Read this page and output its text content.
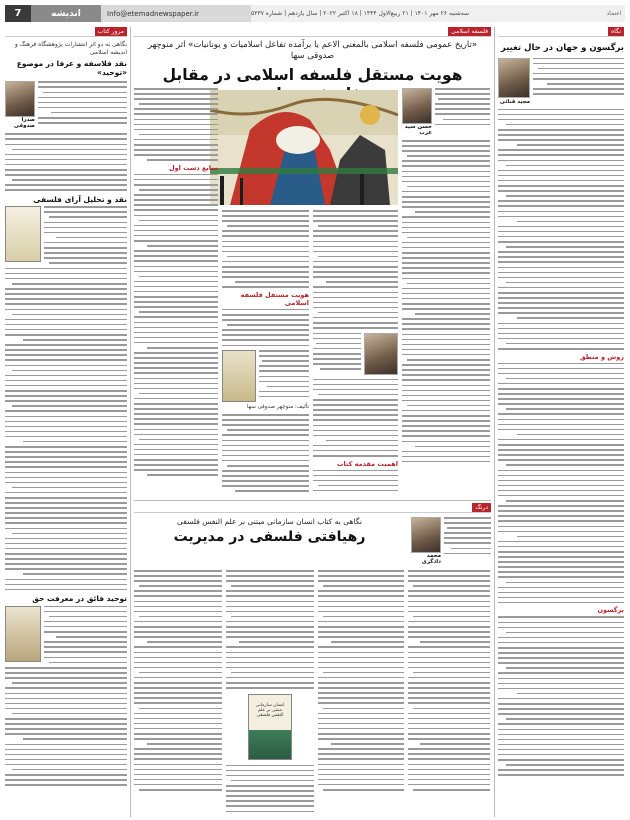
7	اندیشه	Info@etemadnewspaper.ir	سه‌شنبه ۲۶ مهر ۱۴۰۱ | ۲۱ ربیع‌الاول ۱۴۴۴ | ۱۸ اکتبر ۲۰۲۲ | سال یازدهم | شماره ۵۳۳۷	اعتماد
نگاه
برگسون و جهان در حال تغییر
مجید قنائی
روش و منطق
برگسون
فلسفه اسلامی
«تاریخ عمومی فلسفه اسلامی بالمعنی الاعم یا برآمده تفاعل اسلامیات و یونانیات» اثر منوچهر صدوقی سها
هویت مستقل فلسفه اسلامی در مقابل
حسن سید عرب
اهمیت مقدمه کتاب
هویت مستقل فلسفه اسلامی
تألیف: منوچهر صدوقی سها
منابع دست اول
درنگ
محمد دادگری
نگاهی به کتاب انسان سازمانی مبتنی بر علم النفس فلسفی
رهیافتی فلسفی در مدیریت
انسان سازمانی مبتنی بر علم النفس فلسفی
مرور کتاب
نگاهی به دو اثر انتشارات پژوهشگاه فرهنگ و اندیشه اسلامی
نقد فلاسفه و عرفا در موضوع «توحید»
صدرا صدوقی
نقد و تحلیل آرای فلسفی
توحید فائق در معرفت حق
